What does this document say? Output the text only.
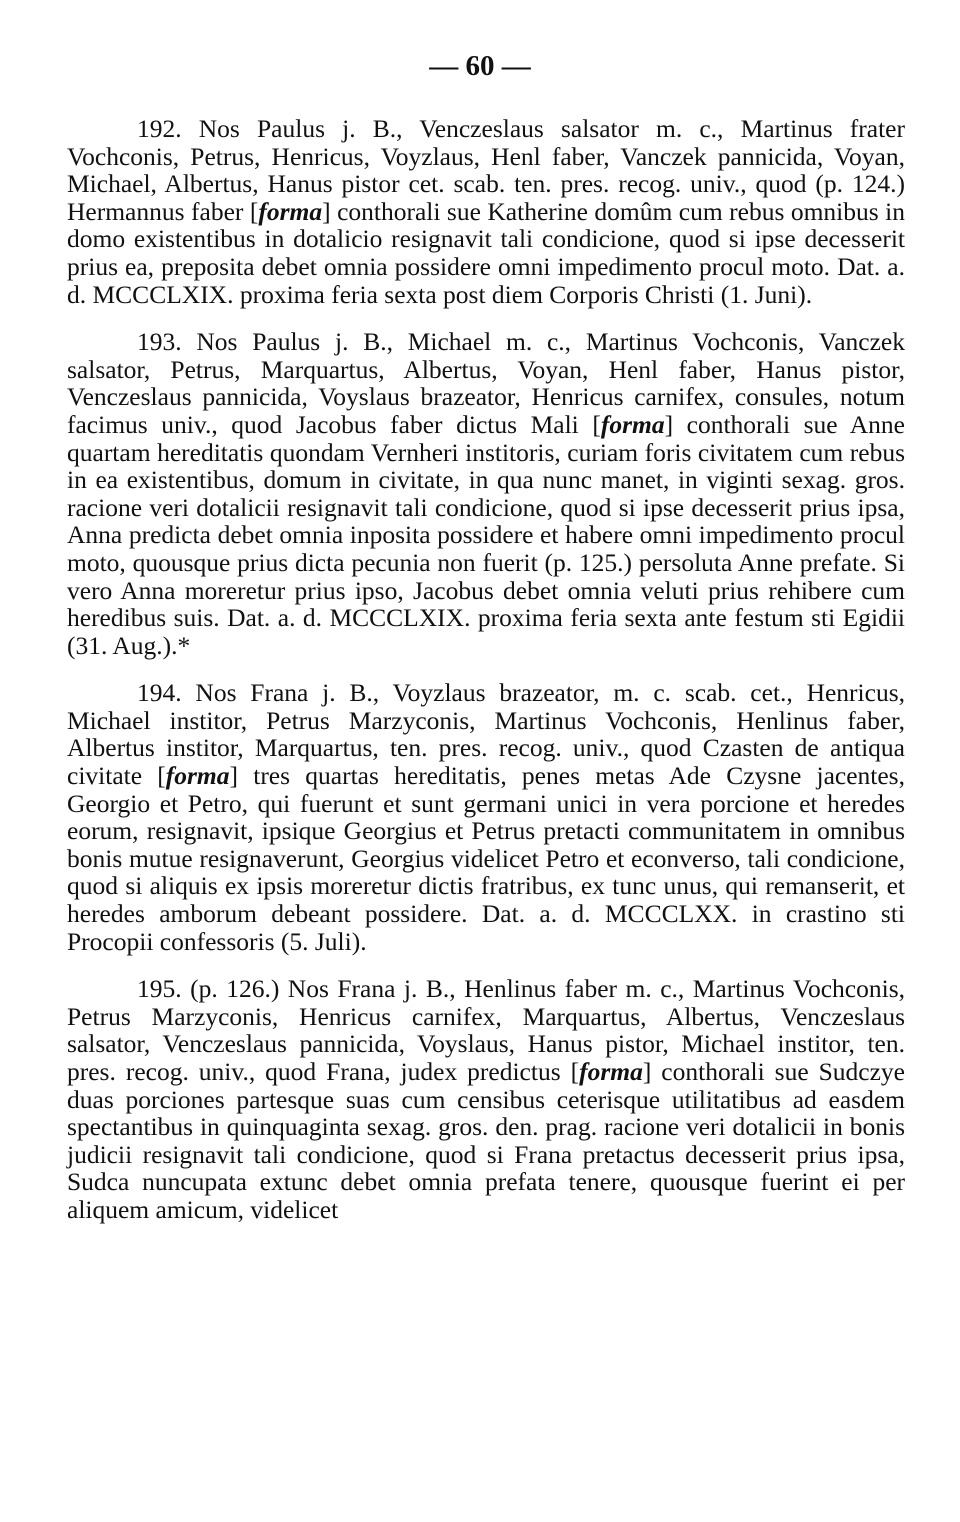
— 60 —

192. Nos Paulus j. B., Venczeslaus salsator m. c., Martinus frater Vochconis, Petrus, Henricus, Voyzlaus, Henl faber, Vanczek pannicida, Voyan, Michael, Albertus, Hanus pistor cet. scab. ten. pres. recog. univ., quod (p. 124.) Hermannus faber [forma] conthorali sue Katherine domûm cum rebus omnibus in domo existentibus in dotalicio resignavit tali condicione, quod si ipse decesserit prius ea, preposita debet omnia possidere omni impedimento procul moto. Dat. a. d. MCCCLXIX. proxima feria sexta post diem Corporis Christi (1. Juni).

193. Nos Paulus j. B., Michael m. c., Martinus Vochconis, Vanczek salsator, Petrus, Marquartus, Albertus, Voyan, Henl faber, Hanus pistor, Venczeslaus pannicida, Voyslaus brazeator, Henricus carnifex, consules, notum facimus univ., quod Jacobus faber dictus Mali [forma] conthorali sue Anne quartam hereditatis quondam Vernheri institoris, curiam foris civitatem cum rebus in ea existentibus, domum in civitate, in qua nunc manet, in viginti sexag. gros. racione veri dotalicii resignavit tali condicione, quod si ipse decesserit prius ipsa, Anna predicta debet omnia inposita possidere et habere omni impedimento procul moto, quousque prius dicta pecunia non fuerit (p. 125.) persoluta Anne prefate. Si vero Anna moreretur prius ipso, Jacobus debet omnia veluti prius rehibere cum heredibus suis. Dat. a. d. MCCCLXIX. proxima feria sexta ante festum sti Egidii (31. Aug.).*

194. Nos Frana j. B., Voyzlaus brazeator, m. c. scab. cet., Henricus, Michael institor, Petrus Marzyconis, Martinus Vochconis, Henlinus faber, Albertus institor, Marquartus, ten. pres. recog. univ., quod Czasten de antiqua civitate [forma] tres quartas hereditatis, penes metas Ade Czysne jacentes, Georgio et Petro, qui fuerunt et sunt germani unici in vera porcione et heredes eorum, resignavit, ipsique Georgius et Petrus pretacti communitatem in omnibus bonis mutue resignaverunt, Georgius videlicet Petro et econverso, tali condicione, quod si aliquis ex ipsis moreretur dictis fratribus, ex tunc unus, qui remanserit, et heredes amborum debeant possidere. Dat. a. d. MCCCLXX. in crastino sti Procopii confessoris (5. Juli).

195. (p. 126.) Nos Frana j. B., Henlinus faber m. c., Martinus Vochconis, Petrus Marzyconis, Henricus carnifex, Marquartus, Albertus, Venczeslaus salsator, Venczeslaus pannicida, Voyslaus, Hanus pistor, Michael institor, ten. pres. recog. univ., quod Frana, judex predictus [forma] conthorali sue Sudczye duas porciones partesque suas cum censibus ceterisque utilitatibus ad easdem spectantibus in quinquaginta sexag. gros. den. prag. racione veri dotalicii in bonis judicii resignavit tali condicione, quod si Frana pretactus decesserit prius ipsa, Sudca nuncupata extunc debet omnia prefata tenere, quousque fuerint ei per aliquem amicum, videlicet
